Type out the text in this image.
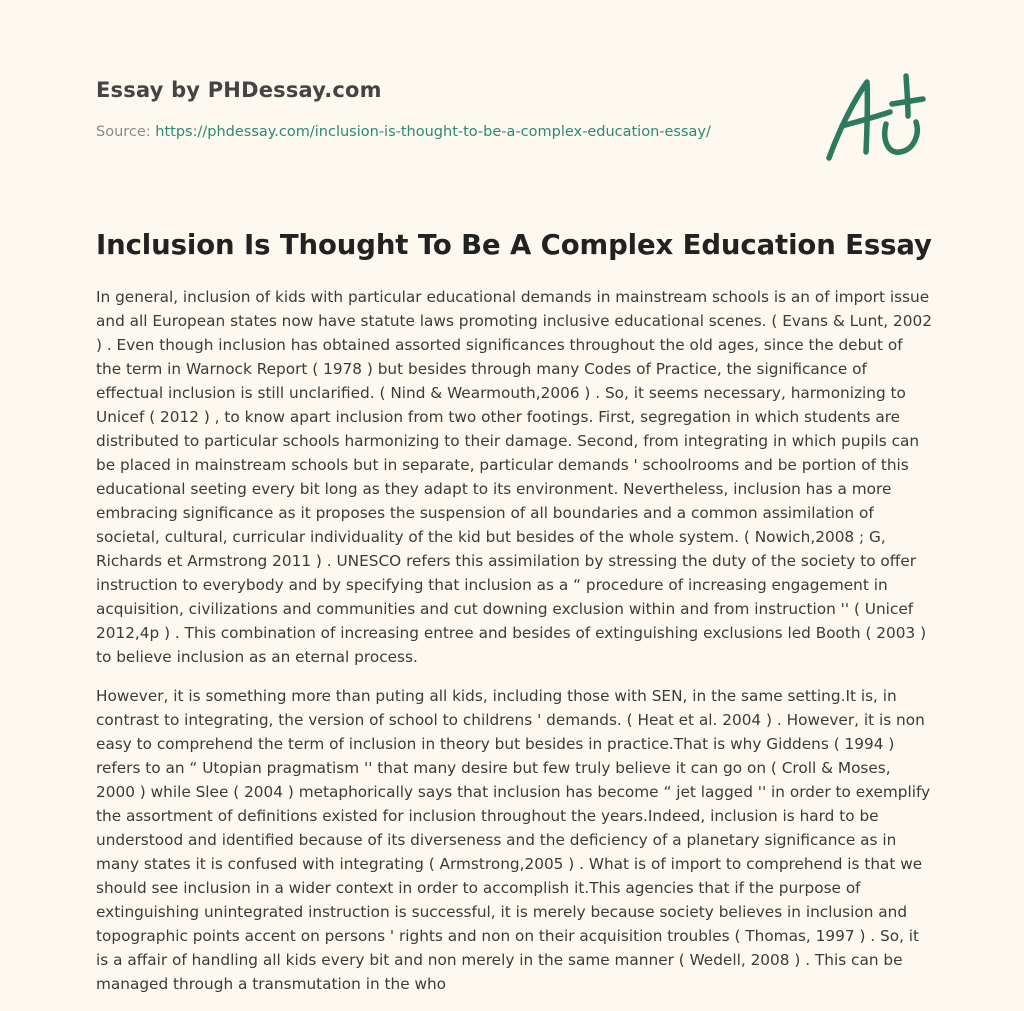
Essay by PHDessay.com
Source: https://phdessay.com/inclusion-is-thought-to-be-a-complex-education-essay/
Inclusion Is Thought To Be A Complex Education Essay

In general, inclusion of kids with particular educational demands in mainstream schools is an of import issue and all European states now have statute laws promoting inclusive educational scenes. ( Evans & Lunt, 2002 ) . Even though inclusion has obtained assorted significances throughout the old ages, since the debut of the term in Warnock Report ( 1978 ) but besides through many Codes of Practice, the significance of effectual inclusion is still unclarified. ( Nind & Wearmouth,2006 ) . So, it seems necessary, harmonizing to Unicef ( 2012 ) , to know apart inclusion from two other footings. First, segregation in which students are distributed to particular schools harmonizing to their damage. Second, from integrating in which pupils can be placed in mainstream schools but in separate, particular demands ' schoolrooms and be portion of this educational seeting every bit long as they adapt to its environment. Nevertheless, inclusion has a more embracing significance as it proposes the suspension of all boundaries and a common assimilation of societal, cultural, curricular individuality of the kid but besides of the whole system. ( Nowich,2008 ; G, Richards et Armstrong 2011 ) . UNESCO refers this assimilation by stressing the duty of the society to offer instruction to everybody and by specifying that inclusion as a “ procedure of increasing engagement in acquisition, civilizations and communities and cut downing exclusion within and from instruction '' ( Unicef 2012,4p ) . This combination of increasing entree and besides of extinguishing exclusions led Booth ( 2003 ) to believe inclusion as an eternal process.

However, it is something more than puting all kids, including those with SEN, in the same setting.It is, in contrast to integrating, the version of school to childrens ' demands. ( Heat et al. 2004 ) . However, it is non easy to comprehend the term of inclusion in theory but besides in practice.That is why Giddens ( 1994 ) refers to an “ Utopian pragmatism '' that many desire but few truly believe it can go on ( Croll & Moses, 2000 ) while Slee ( 2004 ) metaphorically says that inclusion has become “ jet lagged '' in order to exemplify the assortment of definitions existed for inclusion throughout the years.Indeed, inclusion is hard to be understood and identified because of its diverseness and the deficiency of a planetary significance as in many states it is confused with integrating ( Armstrong,2005 ) . What is of import to comprehend is that we should see inclusion in a wider context in order to accomplish it.This agencies that if the purpose of extinguishing unintegrated instruction is successful, it is merely because society believes in inclusion and topographic points accent on persons ' rights and non on their acquisition troubles ( Thomas, 1997 ) . So, it is a affair of handling all kids every bit and non merely in the same manner ( Wedell, 2008 ) . This can be managed through a transmutation in the who
